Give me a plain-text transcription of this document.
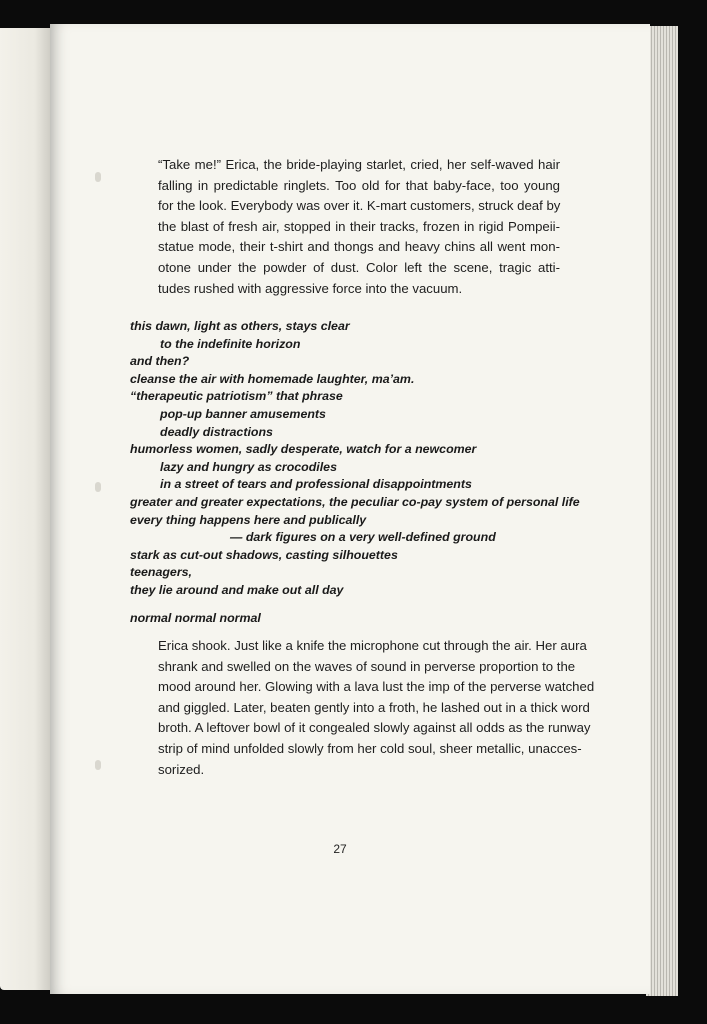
“Take me!” Erica, the bride-playing starlet, cried, her self-waved hair
falling in predictable ringlets. Too old for that baby-face, too young
for the look. Everybody was over it. K-mart customers, struck deaf by
the blast of fresh air, stopped in their tracks, frozen in rigid Pompeii-
statue mode, their t-shirt and thongs and heavy chins all went mon-
otone under the powder of dust. Color left the scene, tragic atti-
tudes rushed with aggressive force into the vacuum.

this dawn, light as others, stays clear
to the indefinite horizon
and then?
cleanse the air with homemade laughter, ma’am.
“therapeutic patriotism” that phrase
pop-up banner amusements
deadly distractions
humorless women, sadly desperate, watch for a newcomer
lazy and hungry as crocodiles
in a street of tears and professional disappointments
greater and greater expectations, the peculiar co-pay system of personal life
every thing happens here and publically
— dark figures on a very well-defined ground
stark as cut-out shadows, casting silhouettes
teenagers,
they lie around and make out all day
normal normal normal

Erica shook. Just like a knife the microphone cut through the air. Her aura
shrank and swelled on the waves of sound in perverse proportion to the
mood around her. Glowing with a lava lust the imp of the perverse watched
and giggled. Later, beaten gently into a froth, he lashed out in a thick word
broth. A leftover bowl of it congealed slowly against all odds as the runway
strip of mind unfolded slowly from her cold soul, sheer metallic, unacces-
sorized.

27
